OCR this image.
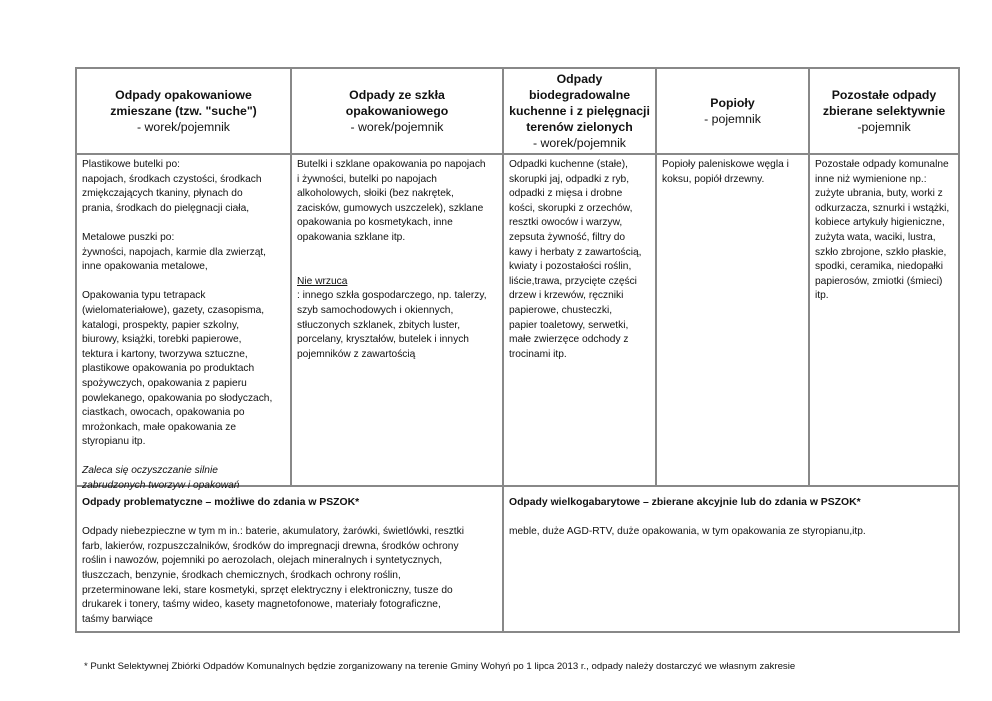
Odpady opakowaniowe
zmieszane (tzw. "suche")
- worek/pojemnik
Odpady ze szkła
opakowaniowego
- worek/pojemnik
Odpady
biodegradowalne
kuchenne i z pielęgnacji
terenów zielonych
- worek/pojemnik
Popioły
- pojemnik
Pozostałe odpady
zbierane selektywnie
-pojemnik
Plastikowe butelki po:
napojach, środkach czystości, środkach
zmiękczających tkaniny, płynach do
prania, środkach do pielęgnacji ciała,
Metalowe puszki po:
żywności, napojach, karmie dla zwierząt,
inne opakowania metalowe,
Opakowania typu tetrapack
(wielomateriałowe), gazety, czasopisma,
katalogi, prospekty, papier szkolny,
biurowy, książki, torebki papierowe,
tektura i kartony, tworzywa sztuczne,
plastikowe opakowania po produktach
spożywczych, opakowania z papieru
powlekanego, opakowania po słodyczach,
ciastkach, owocach, opakowania po
mrożonkach, małe opakowania ze
styropianu itp.
Zaleca się oczyszczanie silnie
zabrudzonych tworzyw i opakowań
Butelki i szklane opakowania po napojach
i żywności, butelki po napojach
alkoholowych, słoiki (bez nakrętek,
zacisków, gumowych uszczelek), szklane
opakowania po kosmetykach, inne
opakowania szklane itp.
Nie wrzuca
: innego szkła gospodarczego, np. talerzy,
szyb samochodowych i okiennych,
stłuczonych szklanek, zbitych luster,
porcelany, kryształów, butelek i innych
pojemników z zawartością
Odpadki kuchenne (stałe),
skorupki jaj, odpadki z ryb,
odpadki z mięsa i drobne
kości, skorupki z orzechów,
resztki owoców i warzyw,
zepsuta żywność, filtry do
kawy i herbaty z zawartością,
kwiaty i pozostałości roślin,
liście,trawa, przycięte części
drzew i krzewów, ręczniki
papierowe, chusteczki,
papier toaletowy, serwetki,
małe zwierzęce odchody z
trocinami itp.
Popioły paleniskowe węgla i
koksu, popiół drzewny.
Pozostałe odpady komunalne
inne niż wymienione np.:
zużyte ubrania, buty, worki z
odkurzacza, sznurki i wstążki,
kobiece artykuły higieniczne,
zużyta wata, waciki, lustra,
szkło zbrojone, szkło płaskie,
spodki, ceramika, niedopałki
papierosów, zmiotki (śmieci)
itp.
Odpady problematyczne – możliwe do zdania w PSZOK*
Odpady niebezpieczne w tym m in.: baterie, akumulatory, żarówki, świetlówki, resztki
farb, lakierów, rozpuszczalników, środków do impregnacji drewna, środków ochrony
roślin i nawozów, pojemniki po aerozolach, olejach mineralnych i syntetycznych,
tłuszczach, benzynie, środkach chemicznych, środkach ochrony roślin,
przeterminowane leki, stare kosmetyki, sprzęt elektryczny i elektroniczny, tusze do
drukarek i tonery, taśmy wideo, kasety magnetofonowe, materiały fotograficzne,
taśmy barwiące
Odpady wielkogabarytowe – zbierane akcyjnie lub do zdania w PSZOK*
meble, duże AGD-RTV, duże opakowania, w tym opakowania ze styropianu,itp.
* Punkt Selektywnej Zbiórki Odpadów Komunalnych będzie zorganizowany na terenie Gminy Wohyń po 1 lipca 2013 r., odpady należy dostarczyć we własnym zakresie
